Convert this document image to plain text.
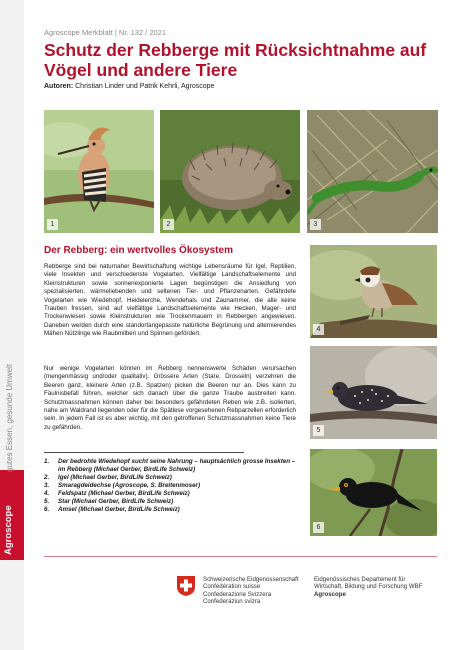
gutes Essen, gesunde Umwelt
Agroscope Merkblatt | Nr. 132 / 2021
Schutz der Rebberge mit Rücksichtnahme auf Vögel und andere Tiere
Autoren: Christian Linder und Patrik Kehrli, Agroscope
1	2	3
Der Rebberg: ein wertvolles Ökosystem

Rebberge sind bei naturnaher Bewirtschaftung wichtige Lebensräume für Igel, Reptilien, viele Insekten und verschiedenste Vogelarten. Vielfältige Landschaftselemente und Kleinstrukturen sowie sonnenexponierte Lagen begünstigen die Ansiedlung von spezialisierten, wärmeliebenden und seltenen Tier- und Pflanzenarten. Gefährdete Vogelarten wie Wiedehopf, Heidelerche, Wendehals und Zaunammer, die alle keine Trauben fressen, sind auf vielfältige Landschaftselemente wie Hecken, Mager- und Trockenwiesen sowie Kleinstrukturen wie Trockenmauern in Rebbergen angewiesen. Daneben werden durch eine standortangepasste natürliche Begrünung und alternierendes Mähen Nützlinge wie Raubmilben und Spinnen gefördert.

Nur wenige Vogelarten können im Rebberg nennenswerte Schäden verursachen (mengenmässig und/oder qualitativ). Grössere Arten (Stare, Drosseln) verzehren die Beeren ganz, kleinere Arten (z.B. Spatzen) picken die Beeren nur an. Dies kann zu Fäulnisbefall führen, welcher sich danach über die ganze Traube ausbreiten kann. Schutzmassnahmen können daher bei besonders gefährdeten Reben wie z.B. isolierten, nahe am Waldrand liegenden oder für die Spätlese vorgesehenen Rebparzellen erforderlich sein. In jedem Fall ist es aber wichtig, mit den getroffenen Schutzmassnahmen keine Tiere zu gefährden.

4
5
6
1. Der bedrohte Wiedehopf sucht seine Nahrung – hauptsächlich grosse Insekten – im Rebberg (Michael Gerber, BirdLife Schweiz)
2. Igel (Michael Gerber, BirdLife Schweiz)
3. Smaragdeidechse (Agroscope, S. Breitenmoser)
4. Feldspatz (Michael Gerber, BirdLife Schweiz)
5. Star (Michael Gerber, BirdLife Schweiz)
6. Amsel (Michael Gerber, BirdLife Schweiz)
Schweizerische Eidgenossenschaft
Confédération suisse
Confederazione Svizzera
Confederaziun svizra
Eidgenössisches Departement für
Wirtschaft, Bildung und Forschung WBF
Agroscope
